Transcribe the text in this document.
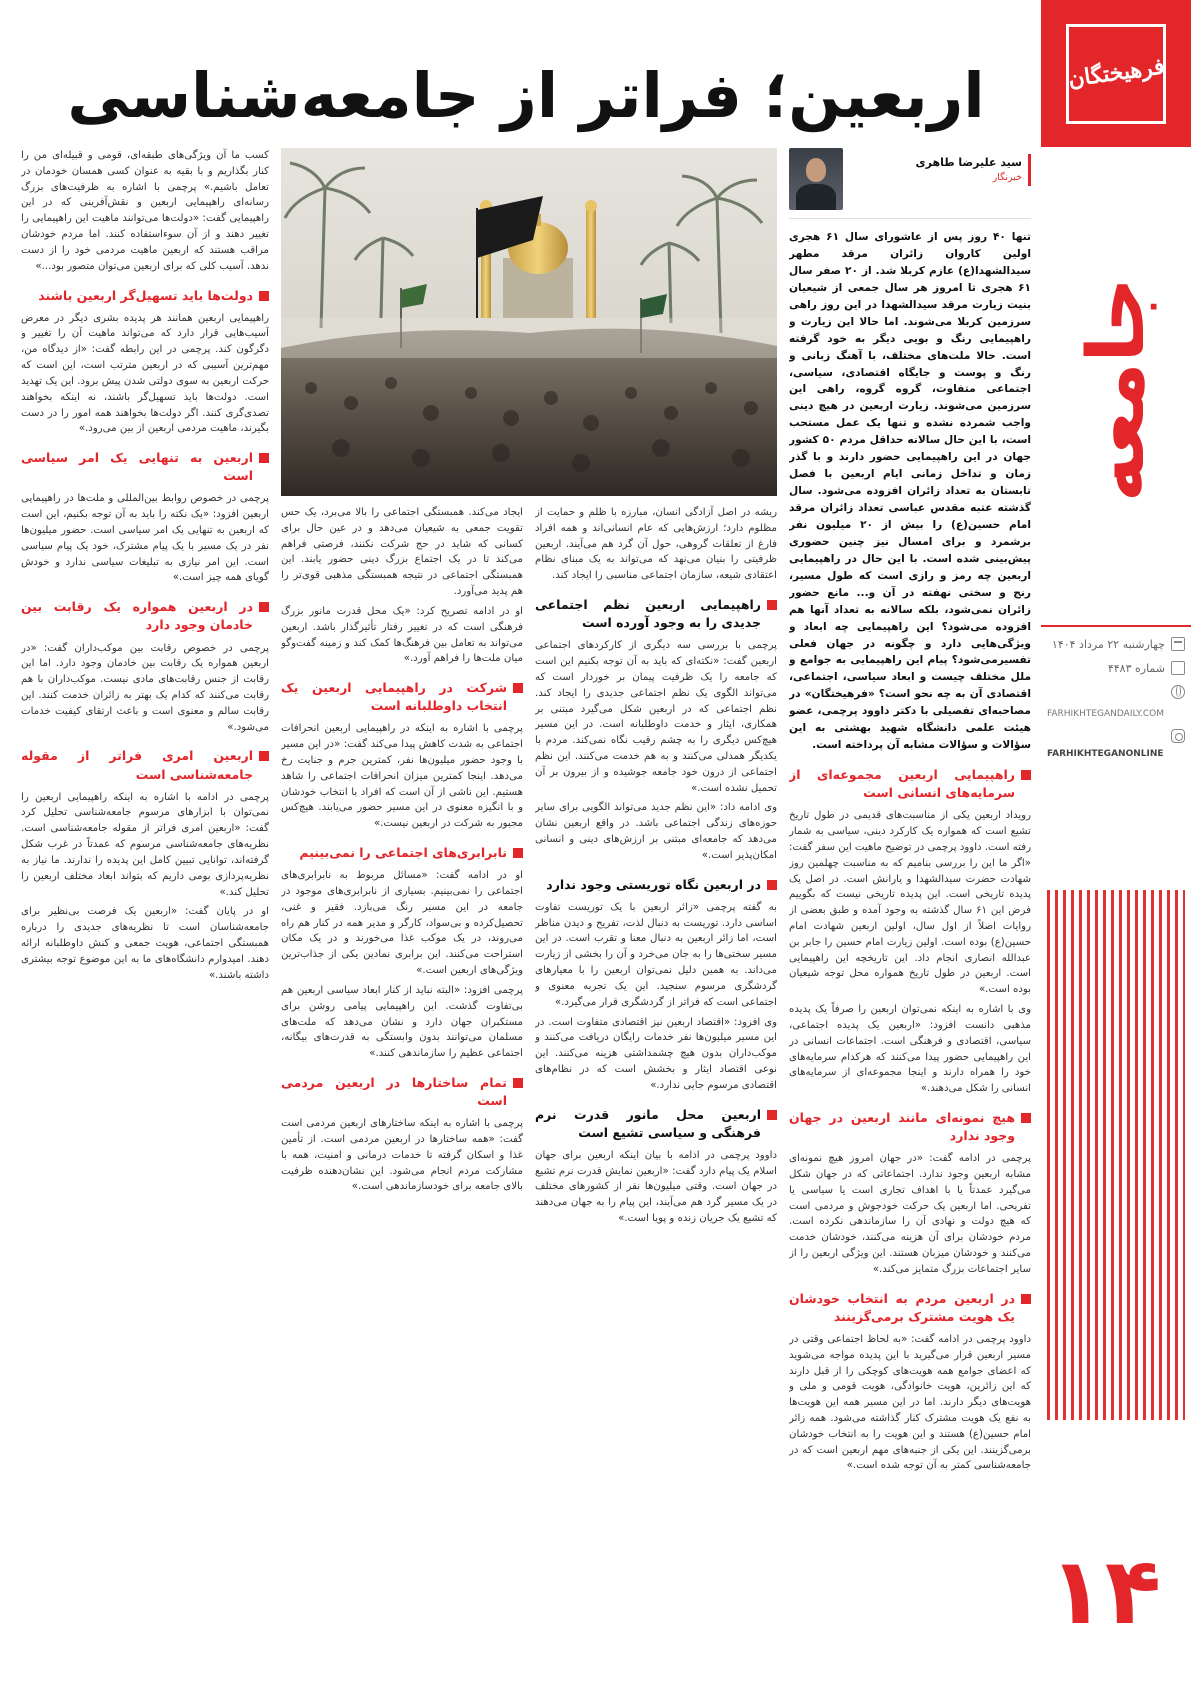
فرهیختگان
جامعه
چهارشنبه ۲۲ مرداد ۱۴۰۴
شماره ۴۴۸۳
FARHIKHTEGANDAILY.COM
FARHIKHTEGANONLINE
۱۴
اربعین؛ فراتر از جامعه‌شناسی
سید علیرضا طاهری
خبرنگار

تنها ۴۰ روز پس از عاشورای سال ۶۱ هجری اولین کاروان زائران مرقد مطهر سیدالشهدا(ع) عازم کربلا شد. از ۲۰ صفر سال ۶۱ هجری تا امروز هر سال جمعی از شیعیان بنیت زیارت مرقد سیدالشهدا در این روز راهی سرزمین کربلا می‌شوند. اما حالا این زیارت و راهپیمایی رنگ و بویی دیگر به خود گرفته است. حالا ملت‌های مختلف، با آهنگ زبانی و رنگ و پوست و جایگاه اقتصادی، سیاسی، اجتماعی متفاوت، گروه گروه، راهی این سرزمین می‌شوند. زیارت اربعین در هیچ دینی واجب شمرده نشده و تنها یک عمل مستحب است، با این حال سالانه حداقل مردم ۵۰ کشور جهان در این راهپیمایی حضور دارند و با گذر زمان و تداخل زمانی ایام اربعین با فصل تابستان به تعداد زائران افزوده می‌شود. سال گذشته عتبه مقدس عباسی تعداد زائران مرقد امام حسین(ع) را بیش از ۲۰ میلیون نفر برشمرد و برای امسال نیز چنین حضوری پیش‌بینی شده است. با این حال در راهپیمایی اربعین چه رمز و رازی است که طول مسیر، رنج و سختی نهفته در آن و... مانع حضور زائران نمی‌شود، بلکه سالانه به تعداد آنها هم افزوده می‌شود؟ این راهپیمایی چه ابعاد و ویژگی‌هایی دارد و چگونه در جهان فعلی تفسیرمی‌شود؟ پیام این راهپیمایی به جوامع و ملل مختلف چیست و ابعاد سیاسی، اجتماعی، اقتصادی آن به چه نحو است؟ «فرهیختگان» در مصاحبه‌ای تفصیلی با دکتر داوود پرچمی، عضو هیئت علمی دانشگاه شهید بهشتی به این سؤالات و سؤالات مشابه آن پرداخته است.

راهپیمایی اربعین مجموعه‌ای از سرمایه‌های انسانی است

رویداد اربعین یکی از مناسبت‌های قدیمی در طول تاریخ تشیع است که همواره یک کارکرد دینی، سیاسی به شمار رفته است. داوود پرچمی در توضیح ماهیت این سفر گفت: «اگر ما این را بررسی بنامیم که به مناسبت چهلمین روز شهادت حضرت سیدالشهدا و یارانش است. در اصل یک پدیده تاریخی است. این پدیده تاریخی نیست که بگوییم فرض این ۶۱ سال گذشته به وجود آمده و طبق بعضی از روایات اصلاً از اول سال، اولین اربعین شهادت امام حسین(ع) بوده است. اولین زیارت امام حسین را جابر بن عبدالله انصاری انجام داد. این تاریخچه این راهپیمایی است. اربعین در طول تاریخ همواره محل توجه شیعیان بوده است.»

وی با اشاره به اینکه نمی‌توان اربعین را صرفاً یک پدیده مذهبی دانست افزود: «اربعین یک پدیده اجتماعی، سیاسی، اقتصادی و فرهنگی است. اجتماعات انسانی در این راهپیمایی حضور پیدا می‌کنند که هرکدام سرمایه‌های خود را همراه دارند و اینجا مجموعه‌ای از سرمایه‌های انسانی را شکل می‌دهند.»

هیچ نمونه‌ای مانند اربعین در جهان وجود ندارد

پرچمی در ادامه گفت: «در جهان امروز هیچ نمونه‌ای مشابه اربعین وجود ندارد. اجتماعاتی که در جهان شکل می‌گیرد عمدتاً یا با اهداف تجاری است یا سیاسی یا تفریحی. اما اربعین یک حرکت خودجوش و مردمی است که هیچ دولت و نهادی آن را سازماندهی نکرده است. مردم خودشان برای آن هزینه می‌کنند، خودشان خدمت می‌کنند و خودشان میزبان هستند. این ویژگی اربعین را از سایر اجتماعات بزرگ متمایز می‌کند.»

در اربعین مردم به انتخاب خودشان یک هویت مشترک برمی‌گزینند

داوود پرچمی در ادامه گفت: «به لحاظ اجتماعی وقتی در مسیر اربعین قرار می‌گیرید با این پدیده مواجه می‌شوید که اعضای جوامع همه هویت‌های کوچکی را از قبل دارند که این زائرین، هویت خانوادگی، هویت قومی و ملی و هویت‌های دیگر دارند. اما در این مسیر همه این هویت‌ها به نفع یک هویت مشترک کنار گذاشته می‌شود. همه زائر امام حسین(ع) هستند و این هویت را به انتخاب خودشان برمی‌گزینند. این یکی از جنبه‌های مهم اربعین است که در جامعه‌شناسی کمتر به آن توجه شده است.»

ریشه در اصل آزادگی انسان، مبارزه با ظلم و حمایت از مظلوم دارد؛ ارزش‌هایی که عام انسانی‌اند و همه افراد فارغ از تعلقات گروهی، حول آن گرد هم می‌آیند. اربعین ظرفیتی را بنیان می‌نهد که می‌تواند به یک مبنای نظام اعتقادی شیعه، سازمان اجتماعی مناسبی را ایجاد کند.

راهپیمایی اربعین نظم اجتماعی جدیدی را به وجود آورده است

پرچمی با بررسی سه دیگری از کارکردهای اجتماعی اربعین گفت: «نکته‌ای که باید به آن توجه بکنیم این است که جامعه را یک ظرفیت پیمان بر خوردار است که می‌تواند الگوی یک نظم اجتماعی جدیدی را ایجاد کند. نظم اجتماعی که در اربعین شکل می‌گیرد مبتنی بر همکاری، ایثار و خدمت داوطلبانه است. در این مسیر هیچ‌کس دیگری را به چشم رقیب نگاه نمی‌کند. مردم با یکدیگر همدلی می‌کنند و به هم خدمت می‌کنند. این نظم اجتماعی از درون خود جامعه جوشیده و از بیرون بر آن تحمیل نشده است.»

وی ادامه داد: «این نظم جدید می‌تواند الگویی برای سایر حوزه‌های زندگی اجتماعی باشد. در واقع اربعین نشان می‌دهد که جامعه‌ای مبتنی بر ارزش‌های دینی و انسانی امکان‌پذیر است.»

در اربعین نگاه توریستی وجود ندارد

به گفته پرچمی «زائر اربعین با یک توریست تفاوت اساسی دارد. توریست به دنبال لذت، تفریح و دیدن مناظر است، اما زائر اربعین به دنبال معنا و تقرب است. در این مسیر سختی‌ها را به جان می‌خرد و آن را بخشی از زیارت می‌داند. به همین دلیل نمی‌توان اربعین را با معیارهای گردشگری مرسوم سنجید. این یک تجربه معنوی و اجتماعی است که فراتر از گردشگری قرار می‌گیرد.»

وی افزود: «اقتصاد اربعین نیز اقتصادی متفاوت است. در این مسیر میلیون‌ها نفر خدمات رایگان دریافت می‌کنند و موکب‌داران بدون هیچ چشمداشتی هزینه می‌کنند. این نوعی اقتصاد ایثار و بخشش است که در نظام‌های اقتصادی مرسوم جایی ندارد.»

اربعین محل مانور قدرت نرم فرهنگی و سیاسی تشیع است

داوود پرچمی در ادامه با بیان اینکه اربعین برای جهان اسلام یک پیام دارد گفت: «اربعین نمایش قدرت نرم تشیع در جهان است. وقتی میلیون‌ها نفر از کشورهای مختلف در یک مسیر گرد هم می‌آیند، این پیام را به جهان می‌دهند که تشیع یک جریان زنده و پویا است.»

ایجاد می‌کند. همبستگی اجتماعی را بالا می‌برد، یک حس تقویت جمعی به شیعیان می‌دهد و در عین حال برای کسانی که شاید در حج شرکت نکنند، فرصتی فراهم می‌کند تا در یک اجتماع بزرگ دینی حضور یابند. این همبستگی اجتماعی در نتیجه همبستگی مذهبی قوی‌تر را هم پدید می‌آورد.

او در ادامه تصریح کرد: «یک محل قدرت مانور بزرگ فرهنگی است که در تغییر رفتار تأثیرگذار باشد. اربعین می‌تواند به تعامل بین فرهنگ‌ها کمک کند و زمینه گفت‌وگو میان ملت‌ها را فراهم آورد.»

شرکت در راهپیمایی اربعین یک انتخاب داوطلبانه است

پرچمی با اشاره به اینکه در راهپیمایی اربعین انحرافات اجتماعی به شدت کاهش پیدا می‌کند گفت: «در این مسیر با وجود حضور میلیون‌ها نفر، کمترین جرم و جنایت رخ می‌دهد. اینجا کمترین میزان انحرافات اجتماعی را شاهد هستیم. این ناشی از آن است که افراد با انتخاب خودشان و با انگیزه معنوی در این مسیر حضور می‌یابند. هیچ‌کس مجبور به شرکت در اربعین نیست.»

نابرابری‌های اجتماعی را نمی‌بینیم

او در ادامه گفت: «مسائل مربوط به نابرابری‌های اجتماعی را نمی‌بینیم. بسیاری از نابرابری‌های موجود در جامعه در این مسیر رنگ می‌بازد. فقیر و غنی، تحصیل‌کرده و بی‌سواد، کارگر و مدیر همه در کنار هم راه می‌روند، در یک موکب غذا می‌خورند و در یک مکان استراحت می‌کنند. این برابری نمادین یکی از جذاب‌ترین ویژگی‌های اربعین است.»

پرچمی افزود: «البته نباید از کنار ابعاد سیاسی اربعین هم بی‌تفاوت گذشت. این راهپیمایی پیامی روشن برای مستکبران جهان دارد و نشان می‌دهد که ملت‌های مسلمان می‌توانند بدون وابستگی به قدرت‌های بیگانه، اجتماعی عظیم را سازماندهی کنند.»

تمام ساختارها در اربعین مردمی است

پرچمی با اشاره به اینکه ساختارهای اربعین مردمی است گفت: «همه ساختارها در اربعین مردمی است. از تأمین غذا و اسکان گرفته تا خدمات درمانی و امنیت، همه با مشارکت مردم انجام می‌شود. این نشان‌دهنده ظرفیت بالای جامعه برای خودسازماندهی است.»

کسب ما آن ویژگی‌های طبقه‌ای، قومی و قبیله‌ای من را کنار بگذاریم و با بقیه به عنوان کسی همسان خودمان در تعامل باشیم.» پرچمی با اشاره به ظرفیت‌های بزرگ رسانه‌ای راهپیمایی اربعین و نقش‌آفرینی که در این راهپیمایی گفت: «دولت‌ها می‌توانند ماهیت این راهپیمایی را تغییر دهند و از آن سوءاستفاده کنند. اما مردم خودشان مراقب هستند که اربعین ماهیت مردمی خود را از دست ندهد. آسیب کلی که برای اربعین می‌توان متصور بود...»

دولت‌ها باید تسهیل‌گر اربعین باشند

راهپیمایی اربعین همانند هر پدیده بشری دیگر در معرض آسیب‌هایی قرار دارد که می‌تواند ماهیت آن را تغییر و دگرگون کند. پرچمی در این رابطه گفت: «از دیدگاه من، مهم‌ترین آسیبی که در اربعین مترتب است، این است که حرکت اربعین به سوی دولتی شدن پیش برود. این یک تهدید است. دولت‌ها باید تسهیل‌گر باشند، نه اینکه بخواهند تصدی‌گری کنند. اگر دولت‌ها بخواهند همه امور را در دست بگیرند، ماهیت مردمی اربعین از بین می‌رود.»

اربعین به تنهایی یک امر سیاسی است

پرچمی در خصوص روابط بین‌المللی و ملت‌ها در راهپیمایی اربعین افزود: «یک نکته را باید به آن توجه بکنیم، این است که اربعین به تنهایی یک امر سیاسی است. حضور میلیون‌ها نفر در یک مسیر با یک پیام مشترک، خود یک پیام سیاسی است. این امر نیازی به تبلیغات سیاسی ندارد و خودش گویای همه چیز است.»

در اربعین همواره یک رقابت بین خادمان وجود دارد

پرچمی در خصوص رقابت بین موکب‌داران گفت: «در اربعین همواره یک رقابت بین خادمان وجود دارد. اما این رقابت از جنس رقابت‌های مادی نیست. موکب‌داران با هم رقابت می‌کنند که کدام یک بهتر به زائران خدمت کنند. این رقابت سالم و معنوی است و باعث ارتقای کیفیت خدمات می‌شود.»

اربعین امری فراتر از مقوله جامعه‌شناسی است

پرچمی در ادامه با اشاره به اینکه راهپیمایی اربعین را نمی‌توان با ابزارهای مرسوم جامعه‌شناسی تحلیل کرد گفت: «اربعین امری فراتر از مقوله جامعه‌شناسی است. نظریه‌های جامعه‌شناسی مرسوم که عمدتاً در غرب شکل گرفته‌اند، توانایی تبیین کامل این پدیده را ندارند. ما نیاز به نظریه‌پردازی بومی داریم که بتواند ابعاد مختلف اربعین را تحلیل کند.»

او در پایان گفت: «اربعین یک فرصت بی‌نظیر برای جامعه‌شناسان است تا نظریه‌های جدیدی را درباره همبستگی اجتماعی، هویت جمعی و کنش داوطلبانه ارائه دهند. امیدوارم دانشگاه‌های ما به این موضوع توجه بیشتری داشته باشند.»
